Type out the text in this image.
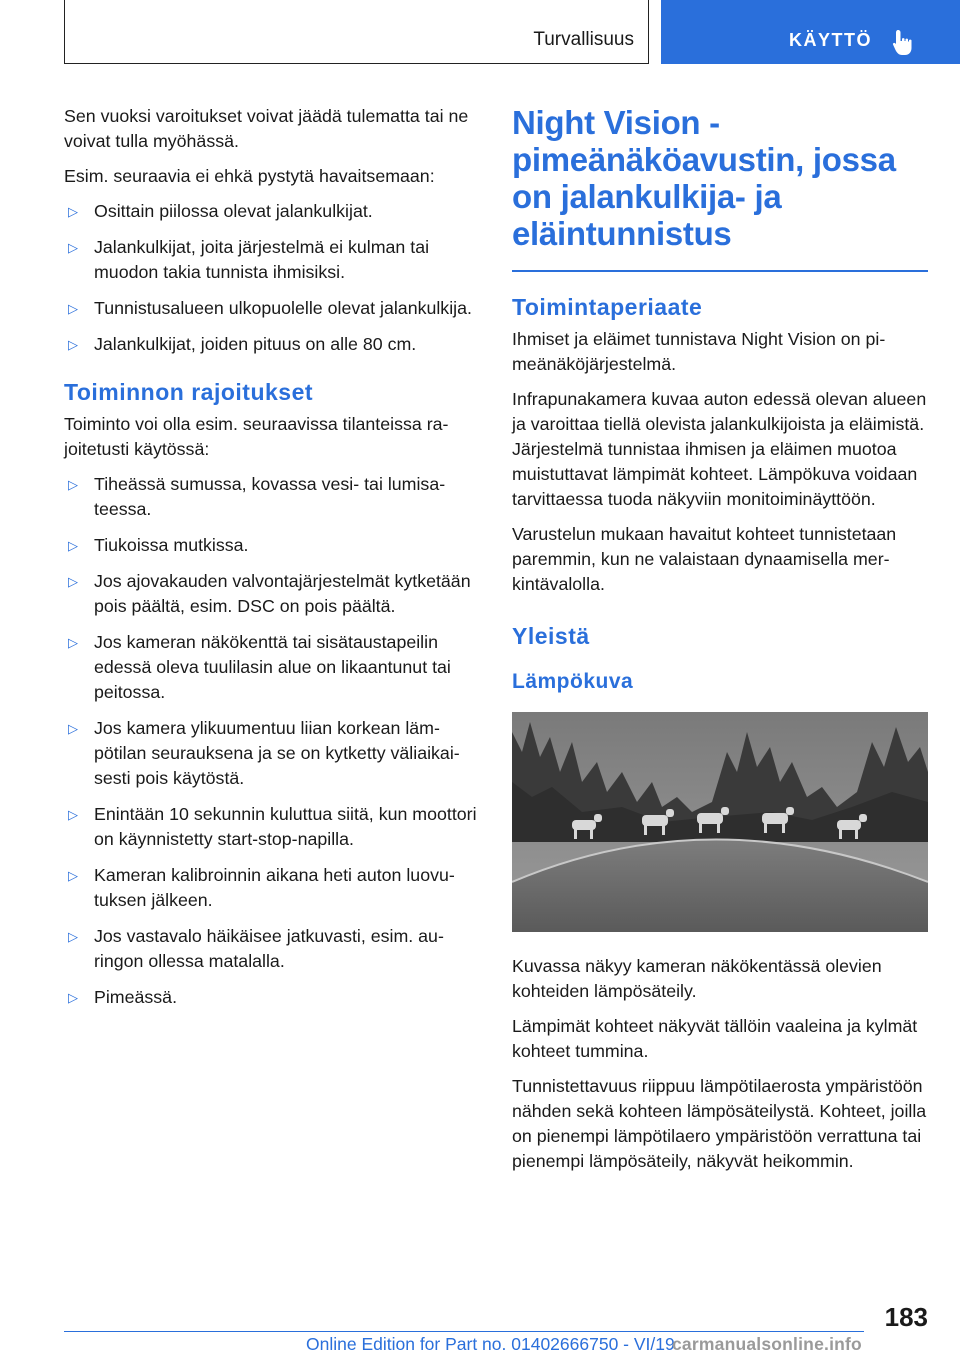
Turvallisuus	KÄYTTÖ

Sen vuoksi varoitukset voivat jäädä tulematta tai ne voivat tulla myöhässä.

Esim. seuraavia ei ehkä pystytä havaitsemaan:

▷ Osittain piilossa olevat jalankulkijat.
▷ Jalankulkijat, joita järjestelmä ei kulman tai muodon takia tunnista ihmisiksi.
▷ Tunnistusalueen ulkopuolelle olevat jalankulkija.
▷ Jalankulkijat, joiden pituus on alle 80 cm.
Toiminnon rajoitukset

Toiminto voi olla esim. seuraavissa tilanteissa rajoitetusti käytössä:

▷ Tiheässä sumussa, kovassa vesi- tai lumisateessa.
▷ Tiukoissa mutkissa.
▷ Jos ajovakauden valvontajärjestelmät kytketään pois päältä, esim. DSC on pois päältä.
▷ Jos kameran näkökenttä tai sisätaustapeilin edessä oleva tuulilasin alue on likaantunut tai peitossa.
▷ Jos kamera ylikuumentuu liian korkean lämpötilan seurauksena ja se on kytketty väliaikaisesti pois käytöstä.
▷ Enintään 10 sekunnin kuluttua siitä, kun moottori on käynnistetty start-stop-napilla.
▷ Kameran kalibroinnin aikana heti auton luovutuksen jälkeen.
▷ Jos vastavalo häikäisee jatkuvasti, esim. auringon ollessa matalalla.
▷ Pimeässä.
Night Vision - pimeänäköavustin, jossa on jalankulkija- ja eläintunnistus
Toimintaperiaate

Ihmiset ja eläimet tunnistava Night Vision on pimeänäköjärjestelmä.

Infrapunakamera kuvaa auton edessä olevan alueen ja varoittaa tiellä olevista jalankulkijoista ja eläimistä. Järjestelmä tunnistaa ihmisen ja eläimen muotoa muistuttavat lämpimät kohteet. Lämpökuva voidaan tarvittaessa tuoda näkyviin monitoiminäyttöön.

Varustelun mukaan havaitut kohteet tunnistetaan paremmin, kun ne valaistaan dynaamisella merkintävalolla.

Yleistä
Lämpökuva

Kuvassa näkyy kameran näkökentässä olevien kohteiden lämpösäteily.

Lämpimät kohteet näkyvät tällöin vaaleina ja kylmät kohteet tummina.

Tunnistettavuus riippuu lämpötilaerosta ympäristöön nähden sekä kohteen lämpösäteilystä. Kohteet, joilla on pienempi lämpötilaero ympäristöön verrattuna tai pienempi lämpösäteily, näkyvät heikommin.

183
Online Edition for Part no. 01402666750 - VI/19
carmanualsonline.info
